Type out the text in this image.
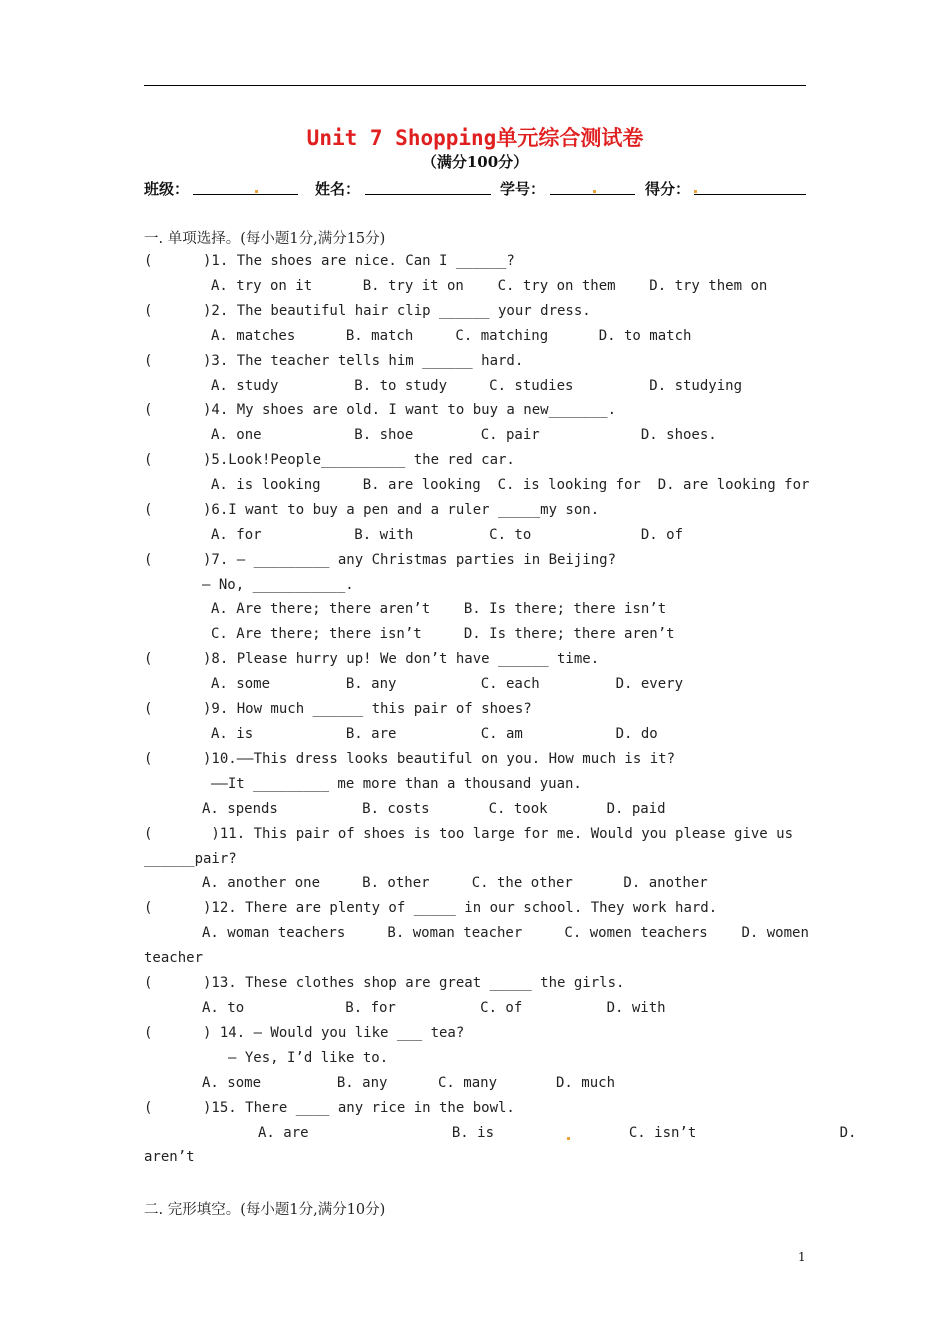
Unit 7 Shopping单元综合测试卷
（满分100分）
班级：	姓名：	学号：	得分：
一. 单项选择。(每小题1分,满分15分)
(      )1. The shoes are nice. Can I ______?
A. try on it      B. try it on    C. try on them    D. try them on
(      )2. The beautiful hair clip ______ your dress.
A. matches      B. match     C. matching      D. to match
(      )3. The teacher tells him ______ hard.
A. study         B. to study     C. studies         D. studying
(      )4. My shoes are old. I want to buy a new_______.
A. one           B. shoe        C. pair            D. shoes.
(      )5.Look!People__________ the red car.
A. is looking     B. are looking  C. is looking for  D. are looking for
(      )6.I want to buy a pen and a ruler _____my son.
A. for           B. with         C. to             D. of
(      )7. — _________ any Christmas parties in Beijing?
— No, ___________.
A. Are there; there aren’t    B. Is there; there isn’t
C. Are there; there isn’t     D. Is there; there aren’t
(      )8. Please hurry up! We don’t have ______ time.
A. some         B. any          C. each         D. every
(      )9. How much ______ this pair of shoes?
A. is           B. are          C. am           D. do
(      )10.——This dress looks beautiful on you. How much is it?
——It _________ me more than a thousand yuan.
A. spends          B. costs       C. took       D. paid
(       )11. This pair of shoes is too large for me. Would you please give us
______pair?
A. another one     B. other     C. the other      D. another
(      )12. There are plenty of _____ in our school. They work hard.
A. woman teachers     B. woman teacher     C. women teachers    D. women
teacher
(      )13. These clothes shop are great _____ the girls.
A. to            B. for          C. of          D. with
(      ) 14. — Would you like ___ tea?
— Yes, I’d like to.
A. some         B. any      C. many       D. much
(      )15. There ____ any rice in the bowl.
A. are                 B. is                C. isn’t                 D.
aren’t
二. 完形填空。(每小题1分,满分10分)
1
